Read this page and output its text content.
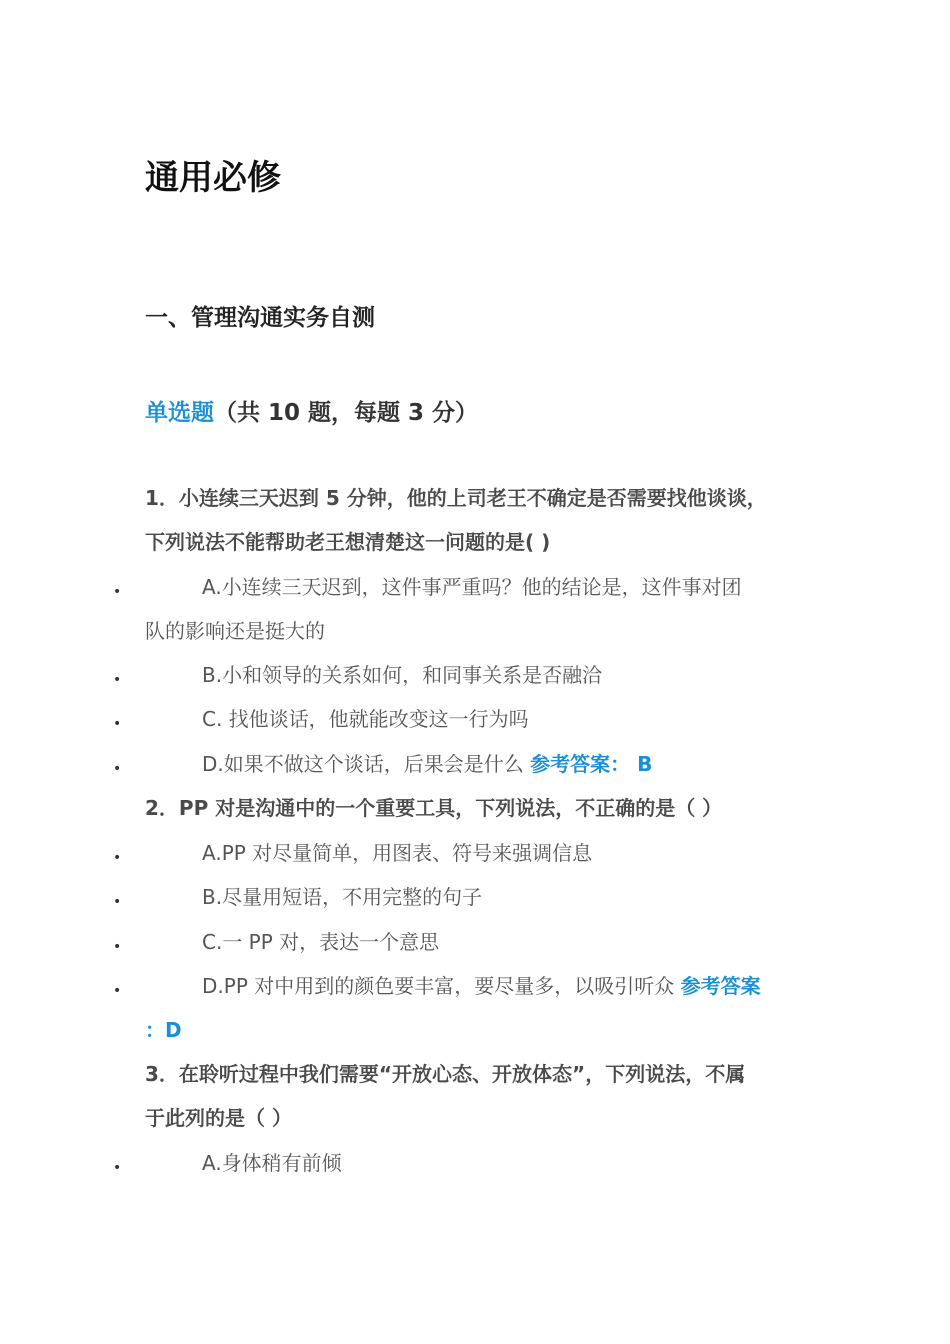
通用必修
一、管理沟通实务自测
单选题（共 10 题，每题 3 分）

1．小连续三天迟到 5 分钟，他的上司老王不确定是否需要找他谈谈，
下列说法不能帮助老王想清楚这一问题的是( )

•	A.小连续三天迟到，这件事严重吗？他的结论是，这件事对团
队的影响还是挺大的

•	B.小和领导的关系如何，和同事关系是否融洽

•	C. 找他谈话，他就能改变这一行为吗

•	D.如果不做这个谈话，后果会是什么 参考答案： B

2．PP 对是沟通中的一个重要工具，下列说法，不正确的是（ ）

•	A.PP 对尽量简单，用图表、符号来强调信息

•	B.尽量用短语，不用完整的句子

•	C.一 PP 对，表达一个意思

•	D.PP 对中用到的颜色要丰富，要尽量多，以吸引听众 参考答案
：D

3．在聆听过程中我们需要“开放心态、开放体态”，下列说法，不属
于此列的是（ ）

•	A.身体稍有前倾
